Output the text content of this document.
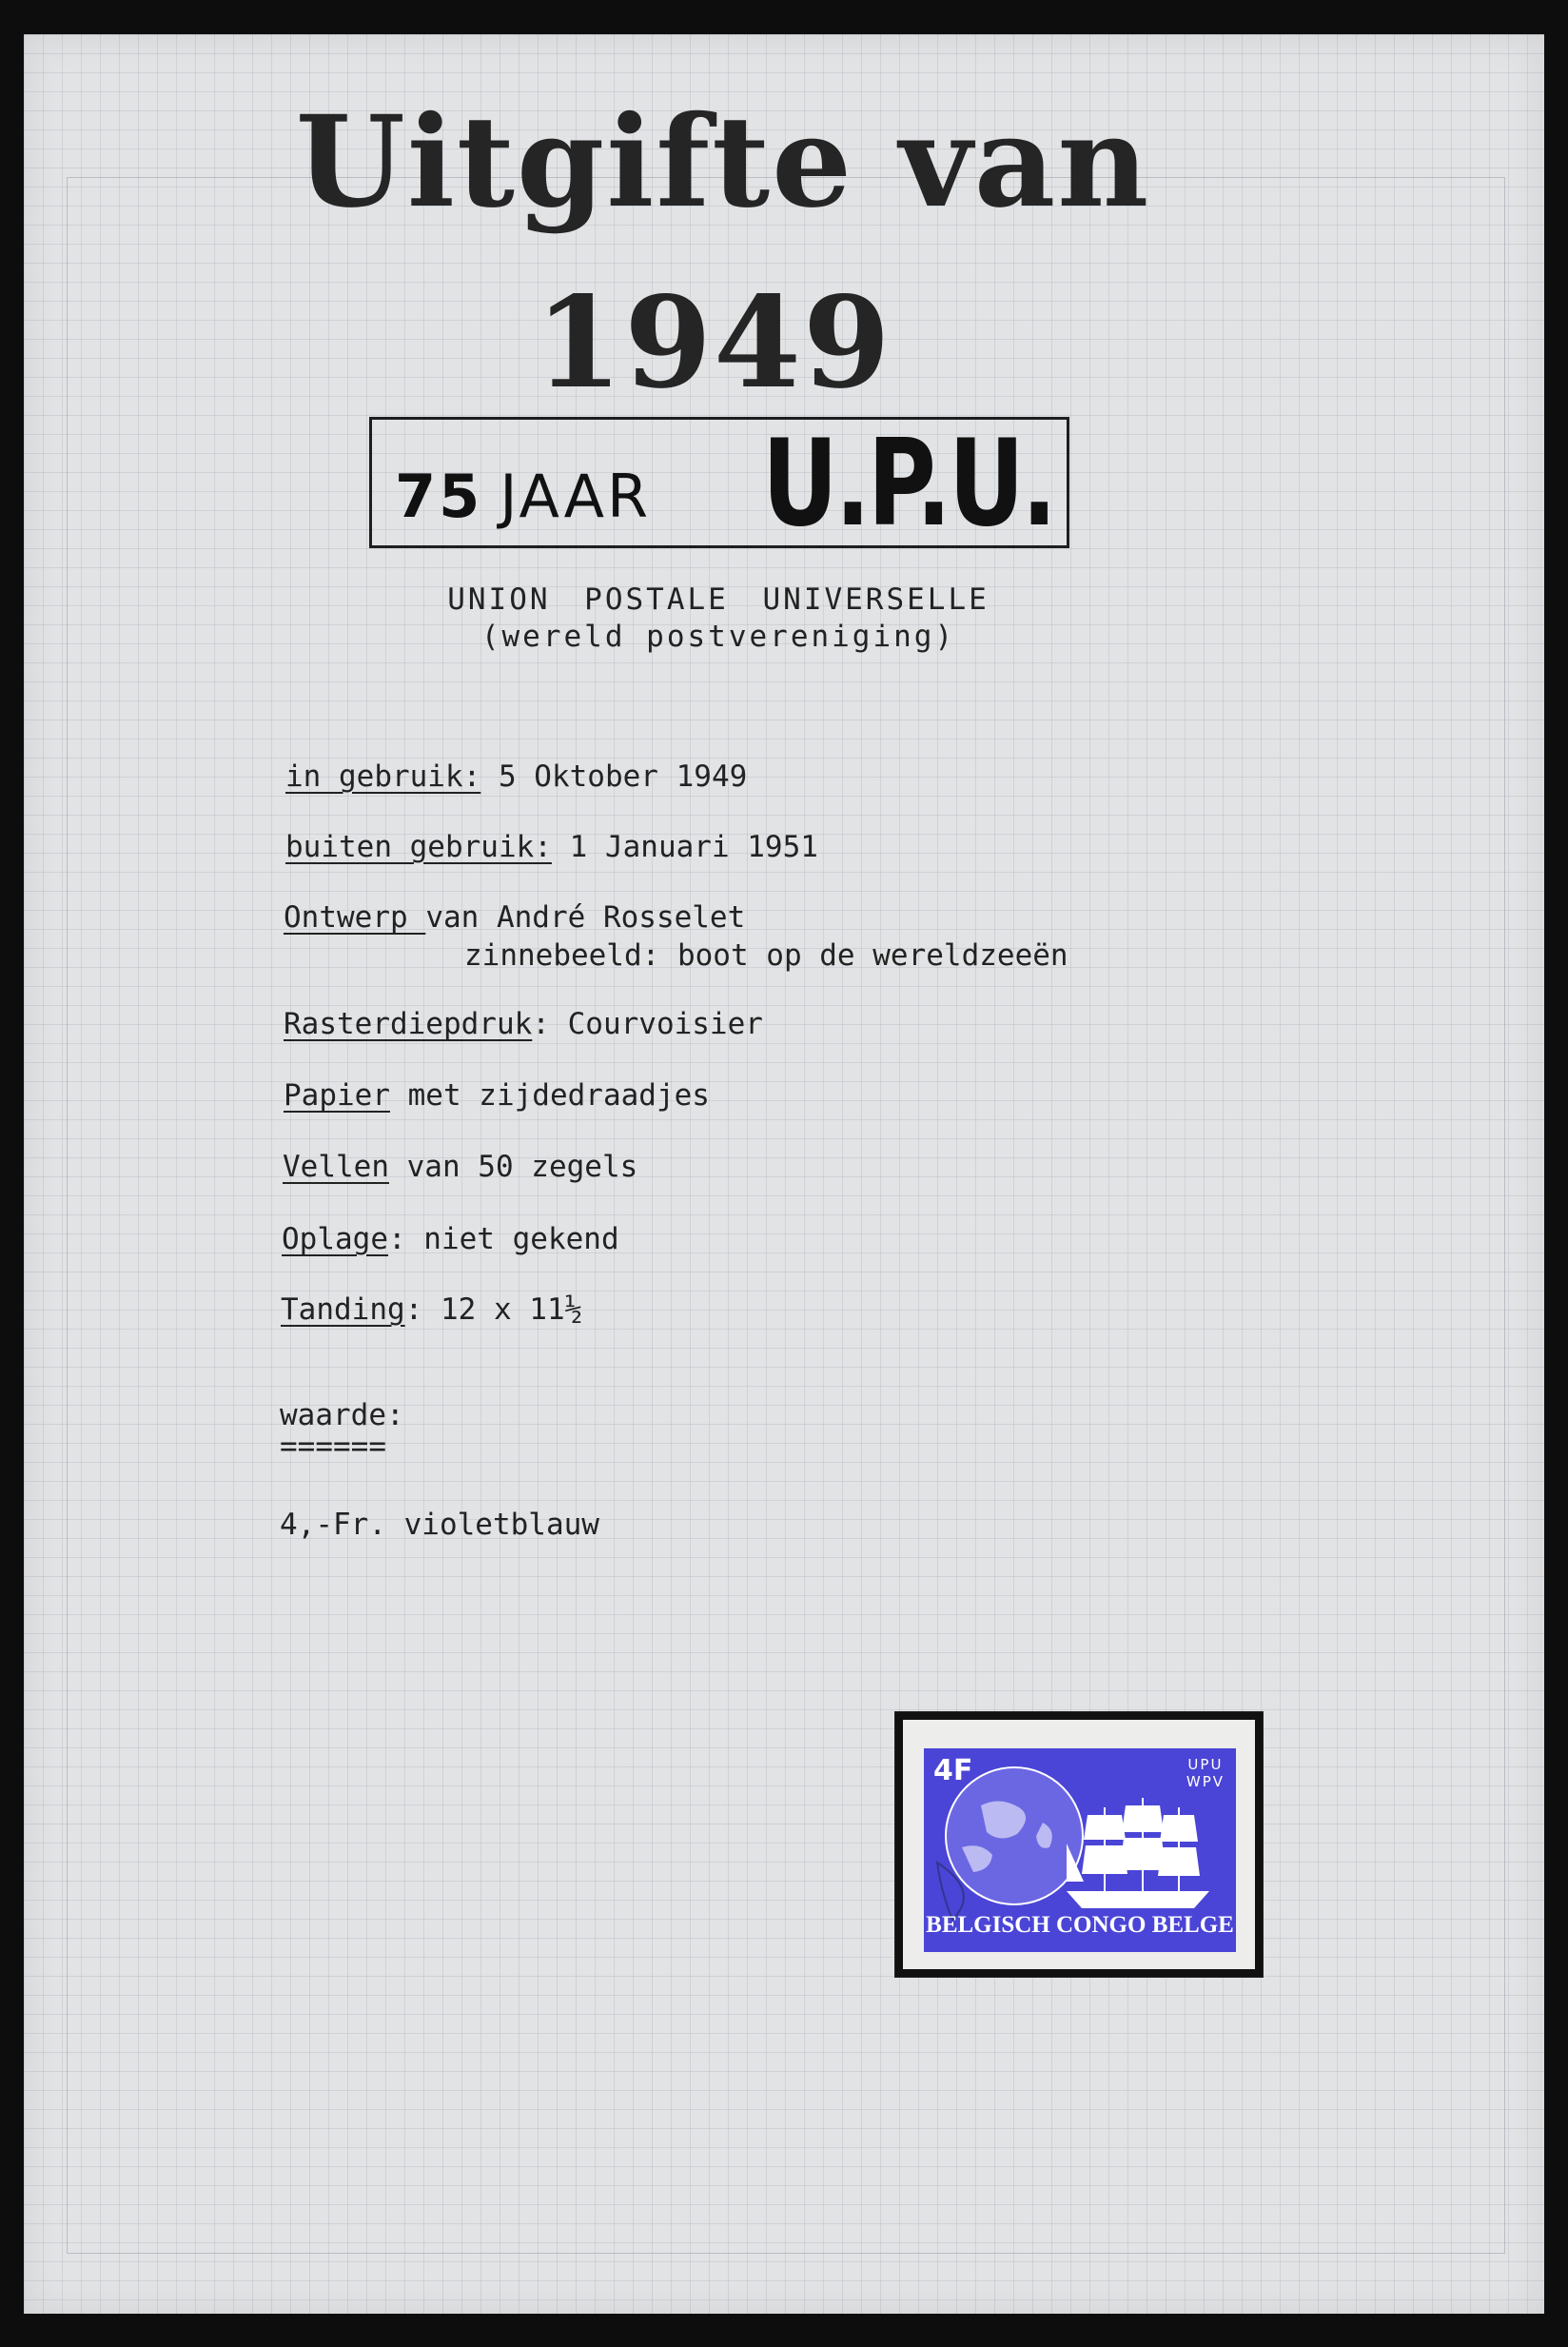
Uitgifte van
1949
75 JAAR U.P.U.
UNION POSTALE UNIVERSELLE
(wereld postvereniging)
in gebruik: 5 Oktober 1949
buiten gebruik: 1 Januari 1951
Ontwerp van André Rosselet
zinnebeeld: boot op de wereldzeeën
Rasterdiepdruk: Courvoisier
Papier met zijdedraadjes
Vellen van 50 zegels
Oplage: niet gekend
Tanding: 12 x 11½
waarde:
======
4,-Fr. violetblauw
4F	UPU
WPV
BELGISCH CONGO BELGE
